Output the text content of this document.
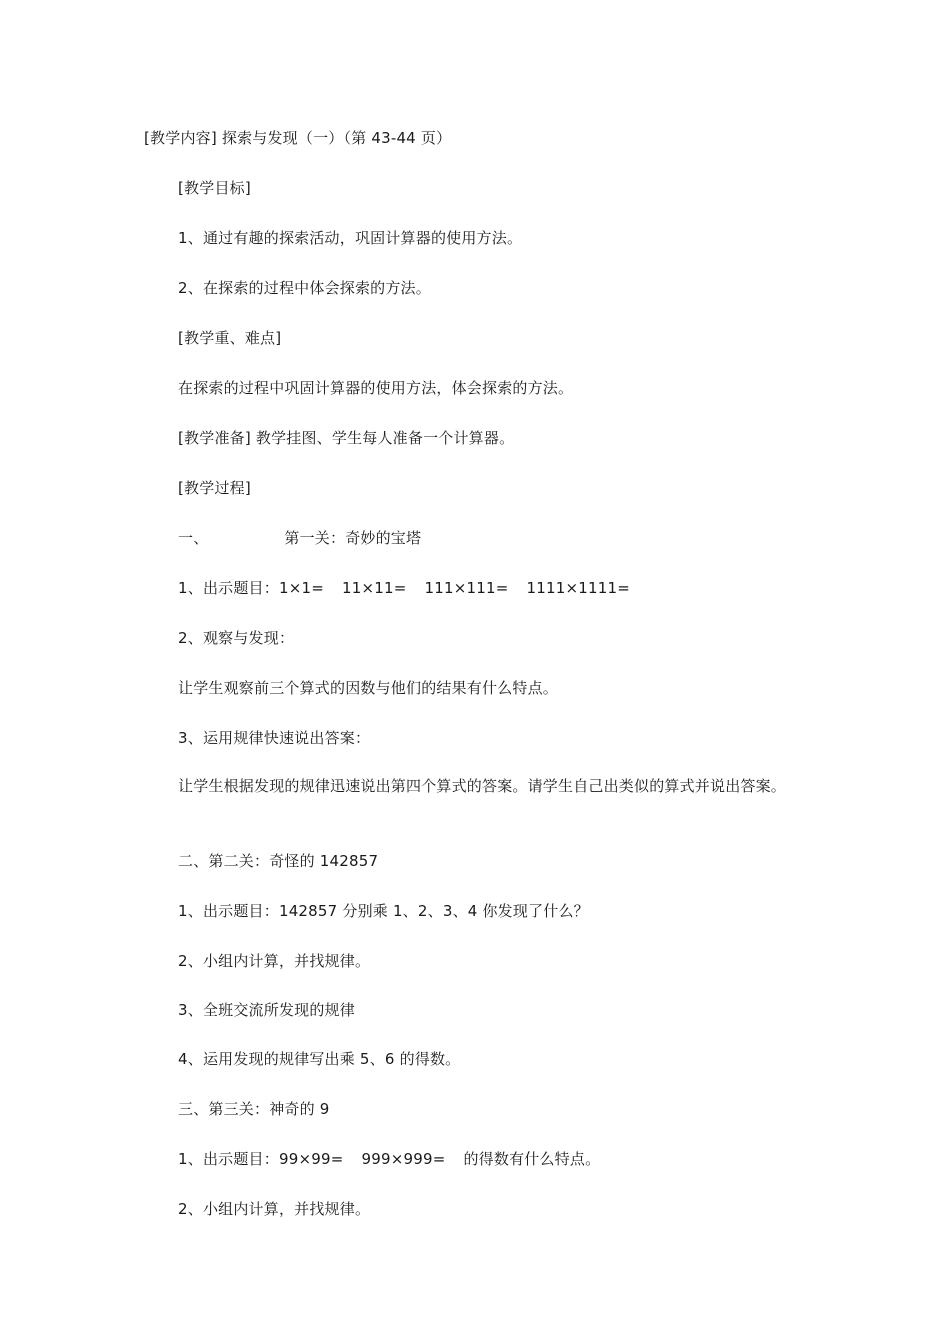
[教学内容] 探索与发现（一）（第 43-44 页）

[教学目标]

1、通过有趣的探索活动，巩固计算器的使用方法。

2、在探索的过程中体会探索的方法。

[教学重、难点]

在探索的过程中巩固计算器的使用方法，体会探索的方法。

[教学准备] 教学挂图、学生每人准备一个计算器。

[教学过程]

一、	第一关：奇妙的宝塔

1、出示题目：1×1= 11×11= 111×111= 1111×1111=

2、观察与发现：

让学生观察前三个算式的因数与他们的结果有什么特点。

3、运用规律快速说出答案：

让学生根据发现的规律迅速说出第四个算式的答案。请学生自己出类似的算式并说出答案。

二、第二关：奇怪的 142857

1、出示题目：142857 分别乘 1、2、3、4 你发现了什么？

2、小组内计算，并找规律。

3、全班交流所发现的规律

4、运用发现的规律写出乘 5、6 的得数。

三、第三关：神奇的 9

1、出示题目：99×99= 999×999= 的得数有什么特点。

2、小组内计算，并找规律。
